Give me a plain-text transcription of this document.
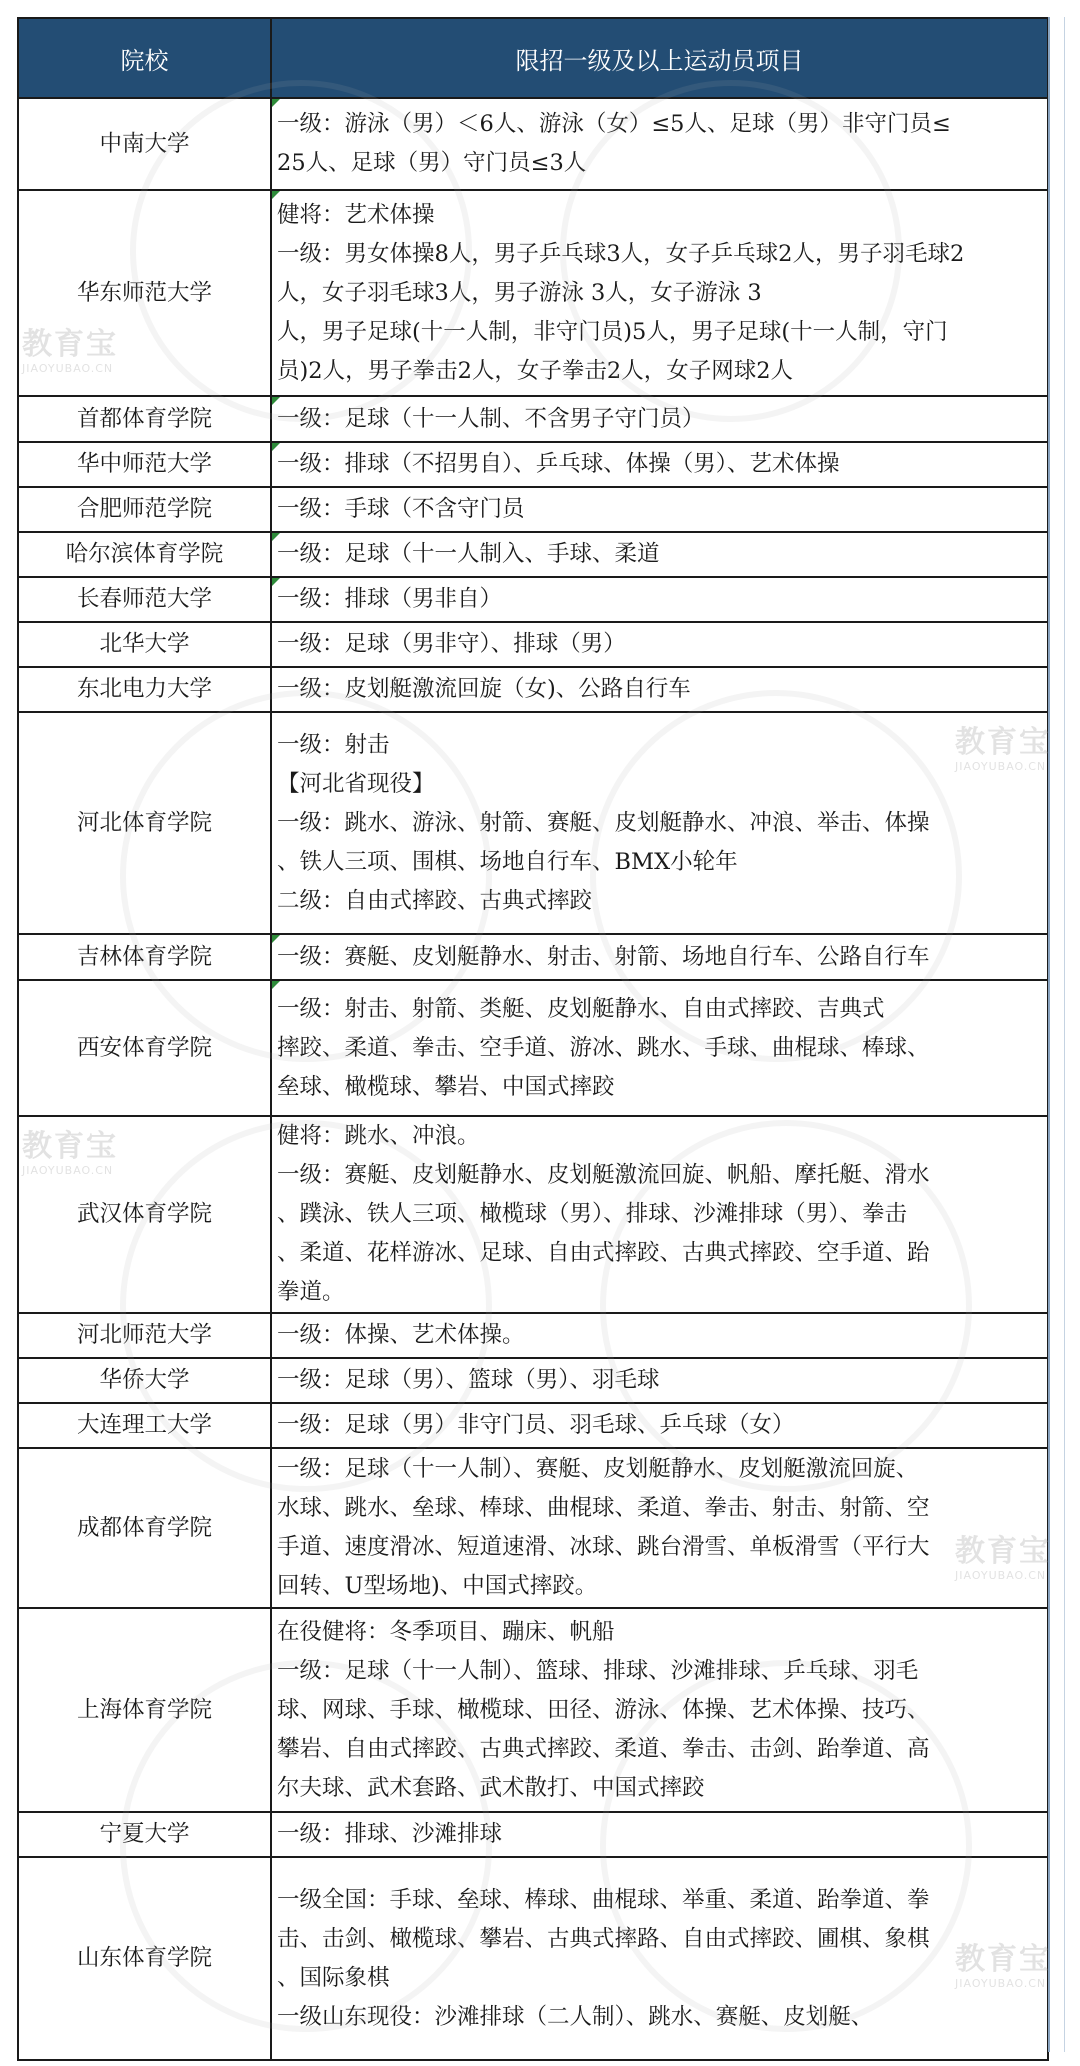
院校	限招一级及以上运动员项目
中南大学	一级：游泳（男）＜6人、游泳（女）≤5人、足球（男）非守门员≤
25人、足球（男）守门员≤3人

华东师范大学	健将：艺术体操
一级：男女体操8人，男子乒乓球3人，女子乒乓球2人，男子羽毛球2
人，女子羽毛球3人，男子游泳 3人，女子游泳 3
人，男子足球(十一人制，非守门员)5人，男子足球(十一人制，守门
员)2人，男子拳击2人，女子拳击2人，女子网球2人

首都体育学院	一级：足球（十一人制、不含男子守门员）

华中师范大学	一级：排球（不招男自）、乒乓球、体操（男）、艺术体操

合肥师范学院	一级：手球（不含守门员

哈尔滨体育学院	一级：足球（十一人制入、手球、柔道

长春师范大学	一级：排球（男非自）

北华大学	一级：足球（男非守）、排球（男）

东北电力大学	一级：皮划艇激流回旋（女)、公路自行车

河北体育学院	一级：射击
【河北省现役】
一级：跳水、游泳、射箭、赛艇、皮划艇静水、冲浪、举击、体操
、铁人三项、围棋、场地自行车、BMX小轮年
二级：自由式摔跤、古典式摔跤

吉林体育学院	一级：赛艇、皮划艇静水、射击、射箭、场地自行车、公路自行车

西安体育学院	一级：射击、射箭、类艇、皮划艇静水、自由式摔跤、吉典式
摔跤、柔道、拳击、空手道、游冰、跳水、手球、曲棍球、棒球、
垒球、橄榄球、攀岩、中国式摔跤

武汉体育学院	健将：跳水、冲浪。
一级：赛艇、皮划艇静水、皮划艇激流回旋、帆船、摩托艇、滑水
、蹼泳、铁人三项、橄榄球（男）、排球、沙滩排球（男）、拳击
、柔道、花样游冰、足球、自由式摔跤、古典式摔跤、空手道、跆
拳道。

河北师范大学	一级：体操、艺术体操。

华侨大学	一级：足球（男）、篮球（男）、羽毛球

大连理工大学	一级：足球（男）非守门员、羽毛球、乒乓球（女）

成都体育学院	一级：足球（十一人制）、赛艇、皮划艇静水、皮划艇激流回旋、
水球、跳水、垒球、棒球、曲棍球、柔道、拳击、射击、射箭、空
手道、速度滑冰、短道速滑、冰球、跳台滑雪、单板滑雪（平行大
回转、U型场地)、中国式摔跤。

上海体育学院	在役健将：冬季项目、蹦床、帆船
一级：足球（十一人制）、篮球、排球、沙滩排球、乒乓球、羽毛
球、网球、手球、橄榄球、田径、游泳、体操、艺术体操、技巧、
攀岩、自由式摔跤、古典式摔跤、柔道、拳击、击剑、跆拳道、高
尔夫球、武术套路、武术散打、中国式摔跤

宁夏大学	一级：排球、沙滩排球

山东体育学院	一级全国：手球、垒球、棒球、曲棍球、举重、柔道、跆拳道、拳
击、击剑、橄榄球、攀岩、古典式摔路、自由式摔跤、圃棋、象棋
、国际象棋
一级山东现役：沙滩排球（二人制）、跳水、赛艇、皮划艇、
教育宝
JIAOYUBAO.CN
教育宝
JIAOYUBAO.CN
教育宝
JIAOYUBAO.CN
教育宝
JIAOYUBAO.CN
教育宝
JIAOYUBAO.CN
